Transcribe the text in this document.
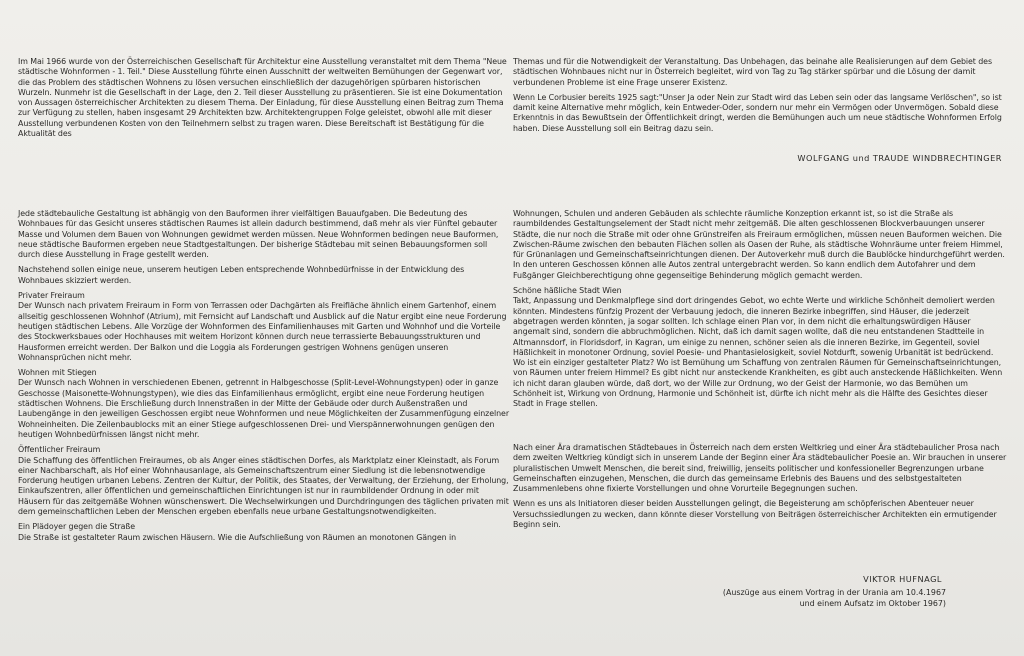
Im Mai 1966 wurde von der Österreichischen Gesellschaft für Architektur eine Ausstellung veranstaltet mit dem Thema "Neue städtische Wohnformen - 1. Teil." Diese Ausstellung führte einen Ausschnitt der weltweiten Bemühungen der Gegenwart vor, die das Problem des städtischen Wohnens zu lösen versuchen einschließlich der dazugehörigen spürbaren historischen Wurzeln. Nunmehr ist die Gesellschaft in der Lage, den 2. Teil dieser Ausstellung zu präsentieren. Sie ist eine Dokumentation von Aussagen österreichischer Architekten zu diesem Thema. Der Einladung, für diese Ausstellung einen Beitrag zum Thema zur Verfügung zu stellen, haben insgesamt 29 Architekten bzw. Architektengruppen Folge geleistet, obwohl alle mit dieser Ausstellung verbundenen Kosten von den Teilnehmern selbst zu tragen waren. Diese Bereitschaft ist Bestätigung für die Aktualität des

Themas und für die Notwendigkeit der Veranstaltung. Das Unbehagen, das beinahe alle Realisierungen auf dem Gebiet des städtischen Wohnbaues nicht nur in Österreich begleitet, wird von Tag zu Tag stärker spürbar und die Lösung der damit verbundenen Probleme ist eine Frage unserer Existenz.

Wenn Le Corbusier bereits 1925 sagt:"Unser Ja oder Nein zur Stadt wird das Leben sein oder das langsame Verlöschen", so ist damit keine Alternative mehr möglich, kein Entweder-Oder, sondern nur mehr ein Vermögen oder Unvermögen. Sobald diese Erkenntnis in das Bewußtsein der Öffentlichkeit dringt, werden die Bemühungen auch um neue städtische Wohnformen Erfolg haben. Diese Ausstellung soll ein Beitrag dazu sein.

WOLFGANG und TRAUDE WINDBRECHTINGER

Jede städtebauliche Gestaltung ist abhängig von den Bauformen ihrer vielfältigen Bauaufgaben. Die Bedeutung des Wohnbaues für das Gesicht unseres städtischen Raumes ist allein dadurch bestimmend, daß mehr als vier Fünftel gebauter Masse und Volumen dem Bauen von Wohnungen gewidmet werden müssen. Neue Wohnformen bedingen neue Bauformen, neue städtische Bauformen ergeben neue Stadtgestaltungen. Der bisherige Städtebau mit seinen Bebauungsformen soll durch diese Ausstellung in Frage gestellt werden.

Nachstehend sollen einige neue, unserem heutigen Leben entsprechende Wohnbedürfnisse in der Entwicklung des Wohnbaues skizziert werden.

Privater Freiraum

Der Wunsch nach privatem Freiraum in Form von Terrassen oder Dachgärten als Freifläche ähnlich einem Gartenhof, einem allseitig geschlossenen Wohnhof (Atrium), mit Fernsicht auf Landschaft und Ausblick auf die Natur ergibt eine neue Forderung heutigen städtischen Lebens. Alle Vorzüge der Wohnformen des Einfamilienhauses mit Garten und Wohnhof und die Vorteile des Stockwerksbaues oder Hochhauses mit weitem Horizont können durch neue terrassierte Bebauungsstrukturen und Hausformen erreicht werden. Der Balkon und die Loggia als Forderungen gestrigen Wohnens genügen unseren Wohnansprüchen nicht mehr.

Wohnen mit Stiegen

Der Wunsch nach Wohnen in verschiedenen Ebenen, getrennt in Halbgeschosse (Split-Level-Wohnungstypen) oder in ganze Geschosse (Maisonette-Wohnungstypen), wie dies das Einfamilienhaus ermöglicht, ergibt eine neue Forderung heutigen städtischen Wohnens. Die Erschließung durch Innenstraßen in der Mitte der Gebäude oder durch Außenstraßen und Laubengänge in den jeweiligen Geschossen ergibt neue Wohnformen und neue Möglichkeiten der Zusammenfügung einzelner Wohneinheiten. Die Zeilenbaublocks mit an einer Stiege aufgeschlossenen Drei- und Vierspännerwohnungen genügen den heutigen Wohnbedürfnissen längst nicht mehr.

Öffentlicher Freiraum

Die Schaffung des öffentlichen Freiraumes, ob als Anger eines städtischen Dorfes, als Marktplatz einer Kleinstadt, als Forum einer Nachbarschaft, als Hof einer Wohnhausanlage, als Gemeinschaftszentrum einer Siedlung ist die lebensnotwendige Forderung heutigen urbanen Lebens. Zentren der Kultur, der Politik, des Staates, der Verwaltung, der Erziehung, der Erholung, Einkaufszentren, aller öffentlichen und gemeinschaftlichen Einrichtungen ist nur in raumbildender Ordnung in oder mit Häusern für das zeitgemäße Wohnen wünschenswert. Die Wechselwirkungen und Durchdringungen des täglichen privaten mit dem gemeinschaftlichen Leben der Menschen ergeben ebenfalls neue urbane Gestaltungsnotwendigkeiten.

Ein Plädoyer gegen die Straße

Die Straße ist gestalteter Raum zwischen Häusern. Wie die Aufschließung von Räumen an monotonen Gängen in

Wohnungen, Schulen und anderen Gebäuden als schlechte räumliche Konzeption erkannt ist, so ist die Straße als raumbildendes Gestaltungselement der Stadt nicht mehr zeitgemäß. Die alten geschlossenen Blockverbauungen unserer Städte, die nur noch die Straße mit oder ohne Grünstreifen als Freiraum ermöglichen, müssen neuen Bauformen weichen. Die Zwischen-Räume zwischen den bebauten Flächen sollen als Oasen der Ruhe, als städtische Wohnräume unter freiem Himmel, für Grünanlagen und Gemeinschaftseinrichtungen dienen. Der Autoverkehr muß durch die Baublöcke hindurchgeführt werden. In den unteren Geschossen können alle Autos zentral untergebracht werden. So kann endlich dem Autofahrer und dem Fußgänger Gleichberechtigung ohne gegenseitige Behinderung möglich gemacht werden.

Schöne häßliche Stadt Wien

Takt, Anpassung und Denkmalpflege sind dort dringendes Gebot, wo echte Werte und wirkliche Schönheit demoliert werden könnten. Mindestens fünfzig Prozent der Verbauung jedoch, die inneren Bezirke inbegriffen, sind Häuser, die jederzeit abgetragen werden könnten, ja sogar sollten. Ich schlage einen Plan vor, in dem nicht die erhaltungswürdigen Häuser angemalt sind, sondern die abbruchmöglichen. Nicht, daß ich damit sagen wollte, daß die neu entstandenen Stadtteile in Altmannsdorf, in Floridsdorf, in Kagran, um einige zu nennen, schöner seien als die inneren Bezirke, im Gegenteil, soviel Häßlichkeit in monotoner Ordnung, soviel Poesie- und Phantasielosigkeit, soviel Notdurft, sowenig Urbanität ist bedrückend. Wo ist ein einziger gestalteter Platz? Wo ist Bemühung um Schaffung von zentralen Räumen für Gemeinschaftseinrichtungen, von Räumen unter freiem Himmel? Es gibt nicht nur ansteckende Krankheiten, es gibt auch ansteckende Häßlichkeiten. Wenn ich nicht daran glauben würde, daß dort, wo der Wille zur Ordnung, wo der Geist der Harmonie, wo das Bemühen um Schönheit ist, Wirkung von Ordnung, Harmonie und Schönheit ist, dürfte ich nicht mehr als die Hälfte des Gesichtes dieser Stadt in Frage stellen.

Nach einer Ära dramatischen Städtebaues in Österreich nach dem ersten Weltkrieg und einer Ära städtebaulicher Prosa nach dem zweiten Weltkrieg kündigt sich in unserem Lande der Beginn einer Ära städtebaulicher Poesie an. Wir brauchen in unserer pluralistischen Umwelt Menschen, die bereit sind, freiwillig, jenseits politischer und konfessioneller Begrenzungen urbane Gemeinschaften einzugehen, Menschen, die durch das gemeinsame Erlebnis des Bauens und des selbstgestalteten Zusammenlebens ohne fixierte Vorstellungen und ohne Vorurteile Begegnungen suchen.

Wenn es uns als Initiatoren dieser beiden Ausstellungen gelingt, die Begeisterung am schöpferischen Abenteuer neuer Versuchssiedlungen zu wecken, dann könnte dieser Vorstellung von Beiträgen österreichischer Architekten ein ermutigender Beginn sein.

VIKTOR HUFNAGL
(Auszüge aus einem Vortrag in der Urania am 10.4.1967
und einem Aufsatz im Oktober 1967)
